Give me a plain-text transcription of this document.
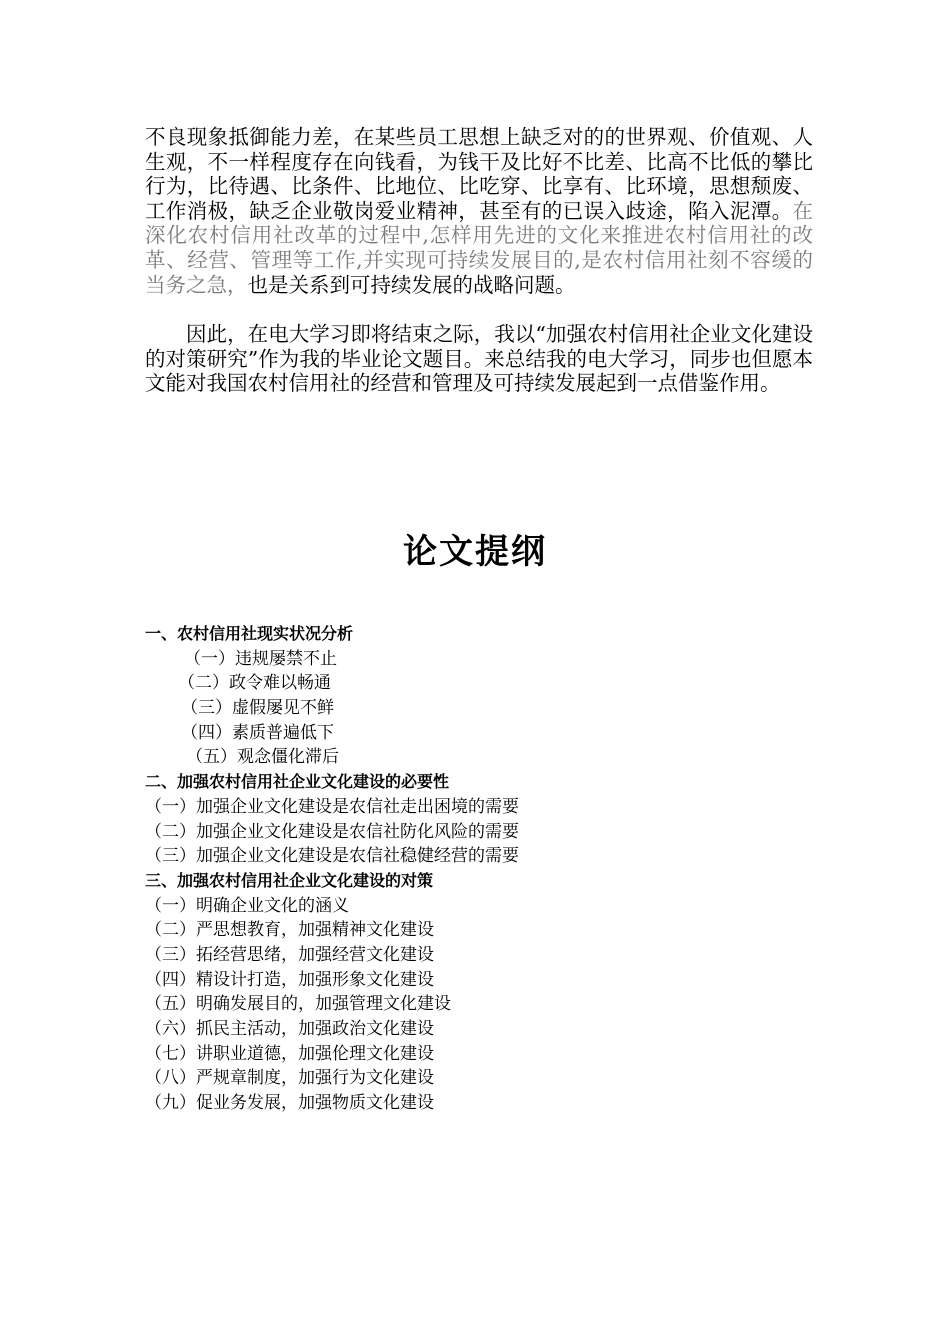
不良现象抵御能力差，在某些员工思想上缺乏对的的世界观、价值观、人生观，不一样程度存在向钱看，为钱干及比好不比差、比高不比低的攀比行为，比待遇、比条件、比地位、比吃穿、比享有、比环境，思想颓废、工作消极，缺乏企业敬岗爱业精神，甚至有的已误入歧途，陷入泥潭。在深化农村信用社改革的过程中,怎样用先进的文化来推进农村信用社的改革、经营、管理等工作,并实现可持续发展目的,是农村信用社刻不容缓的当务之急，也是关系到可持续发展的战略问题。

因此，在电大学习即将结束之际，我以“加强农村信用社企业文化建设的对策研究”作为我的毕业论文题目。来总结我的电大学习，同步也但愿本文能对我国农村信用社的经营和管理及可持续发展起到一点借鉴作用。

论文提纲
一、农村信用社现实状况分析
（一）违规屡禁不止
（二）政令难以畅通
（三）虚假屡见不鲜
（四）素质普遍低下
（五）观念僵化滞后
二、加强农村信用社企业文化建设的必要性
（一）加强企业文化建设是农信社走出困境的需要
（二）加强企业文化建设是农信社防化风险的需要
（三）加强企业文化建设是农信社稳健经营的需要
三、加强农村信用社企业文化建设的对策
（一）明确企业文化的涵义
（二）严思想教育，加强精神文化建设
（三）拓经营思绪，加强经营文化建设
（四）精设计打造，加强形象文化建设
（五）明确发展目的，加强管理文化建设
（六）抓民主活动，加强政治文化建设
（七）讲职业道德，加强伦理文化建设
（八）严规章制度，加强行为文化建设
（九）促业务发展，加强物质文化建设
